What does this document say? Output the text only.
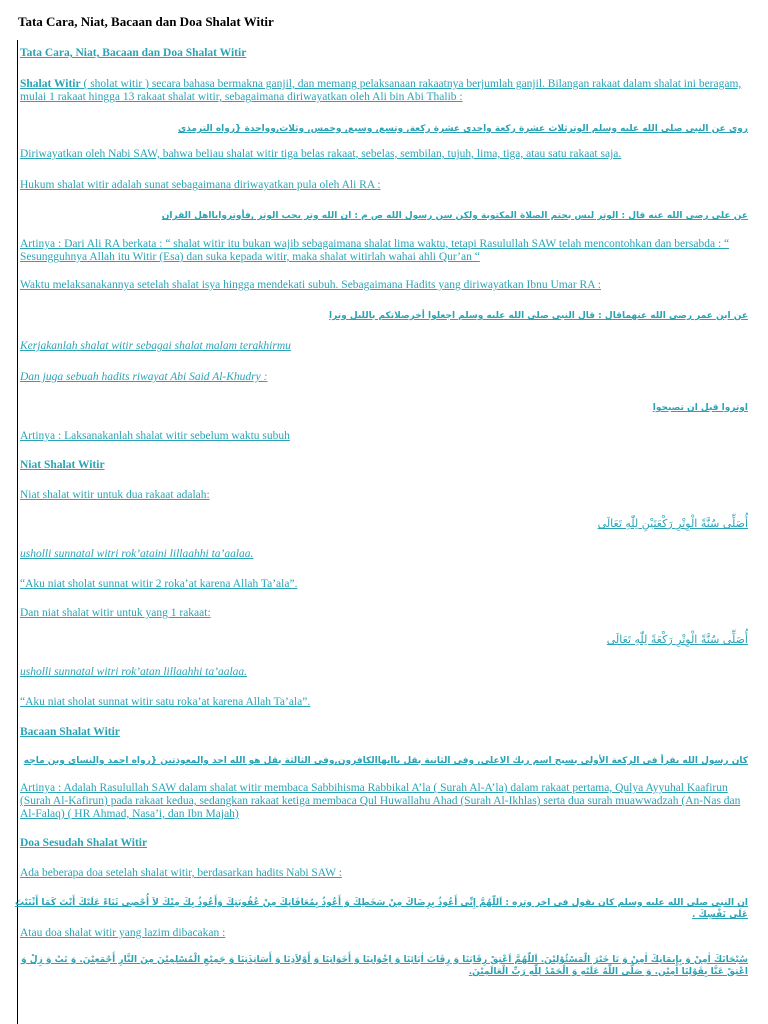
Tata Cara, Niat, Bacaan dan Doa Shalat Witir
Tata Cara, Niat, Bacaan dan Doa Shalat Witir
Shalat Witir ( sholat witir ) secara bahasa bermakna ganjil, dan memang pelaksanaan rakaatnya berjumlah ganjil. Bilangan rakaat dalam shalat ini beragam, mulai 1 rakaat hingga 13 rakaat shalat witir, sebagaimana diriwayatkan oleh Ali bin Abi Thalib :
روى عن النبي صلى الله عليه وسلم الوترثلاث عشرة ركعة واحدى عشرة ركعة, وتسع, وسبع, وخمس, وثلاث,وواحدة {رواه الترمذي
Diriwayatkan oleh Nabi SAW, bahwa beliau shalat witir tiga belas rakaat, sebelas, sembilan, tujuh, lima, tiga, atau satu rakaat saja.
Hukum shalat witir adalah sunat sebagaimana diriwayatkan pula oleh Ali RA :
عن على رضى الله عنه قال : الوتر ليس بحتم الصلاة المكتوبة ولكن سن رسول الله ص م : ان الله وتر يحب الوتر ,فأوتروايااهل القران
Artinya : Dari Ali RA berkata : “ shalat witir itu bukan wajib sebagaimana shalat lima waktu, tetapi Rasulullah SAW telah mencontohkan dan bersabda : “ Sesungguhnya Allah itu Witir (Esa) dan suka kepada witir, maka shalat witirlah wahai ahli Qur’an “
Waktu melaksanakannya setelah shalat isya hingga mendekati subuh. Sebagaimana Hadits yang diriwayatkan Ibnu Umar RA :
عن ابن عمر رضى الله عنهماقال : قال النبى صلى الله عليه وسلم اجعلوا أخرصلاتكم بالليل وترا
Kerjakanlah shalat witir sebagai shalat malam terakhirmu
Dan juga sebuah hadits riwayat Abi Said Al-Khudry :
اوتروا قبل ان تصبحوا
Artinya : Laksanakanlah shalat witir sebelum waktu subuh
Niat Shalat Witir
Niat shalat witir untuk dua rakaat adalah:
أُصَلِّى سُنَّةً الْوِتْرِ رَكْعَتَيْنِ لِلّٰهِ تَعَالَى
usholli sunnatal witri rok’ataini lillaahhi ta’aalaa.
“Aku niat sholat sunnat witir 2 roka’at karena Allah Ta’ala”.
Dan niat shalat witir untuk yang 1 rakaat:
أُصَلِّى سُنَّةً الْوِتْرِ رَكْعَةً لِلّٰهِ تَعَالَى
usholli sunnatal witri rok’atan lillaahhi ta’aalaa.
“Aku niat sholat sunnat witir satu roka’at karena Allah Ta’ala”.
Bacaan Shalat Witir
كان رسول الله يقرأ فى الركعة الأولى بسبح اسم ربك الاعلى, وفى الثانية بقل ياايهاالكافرون,وفى الثالثة بقل هو الله احد والمعوذتين {رواه احمد والنساى وبن ماجه
Artinya : Adalah Rasulullah SAW dalam shalat witir membaca Sabbihisma Rabbikal A’la ( Surah Al-A’la) dalam rakaat pertama, Qulya Ayyuhal Kaafirun (Surah Al-Kafirun) pada rakaat kedua, sedangkan rakaat ketiga membaca Qul Huwallahu Ahad (Surah Al-Ikhlas) serta dua surah muawwadzah (An-Nas dan Al-Falaq) ( HR Ahmad, Nasa’i, dan Ibn Majah)
Doa Sesudah Shalat Witir
Ada beberapa doa setelah shalat witir, berdasarkan hadits Nabi SAW :
ان النبى صلى الله عليه وسلم كان يقول فى اخر وتره : اَللّٰهُمَّ إِنِّى أَعُوذُ بِرِضَاكَ مِنْ سَخَطِكَ وَ أَعُوذُ بِمُعَافَاتِكَ مِنْ عُقُوبَتِكَ وَأَعُوذُ بِكَ مِنْكَ لاَ أُحْصِى ثَنَاءً عَلَيْكَ أَنْتَ كَمَا أَثْنَيْتَ عَلَى نَفْسِكَ .
Atau doa shalat witir yang lazim dibacakan :
سُبْحَانَكَ اٰمِنْ وَ بِإِيمَانِكَ اٰمِنْ وَ يَا خَيْرَ الْمَسْئُوْلِيْنَ. اَللّٰهُمَّ اَعْتِقْ رِقَابَنَا وَ رِقَابَ اٰبَائِنَا وَ اِخْوَانِنَا وَ أَخَوَاتِنَا وَ أَوْلاَدِنَا وَ أَسَاتِذَتِنَا وَ جَمِيْعِ الْمُسْلِمِيْنَ مِنَ النَّارِ أَجْمَعِيْنَ. وَ تَبْ وَ زِلْ وَ اعْتِقْ عَنَّا بِقَوْلِنَا اٰمِيْن. وَ صَلَّى اللّٰهُ عَلَيْهِ وَ الْحَمْدُ لِلّٰهِ رَبِّ الْعَالَمِيْنَ.
